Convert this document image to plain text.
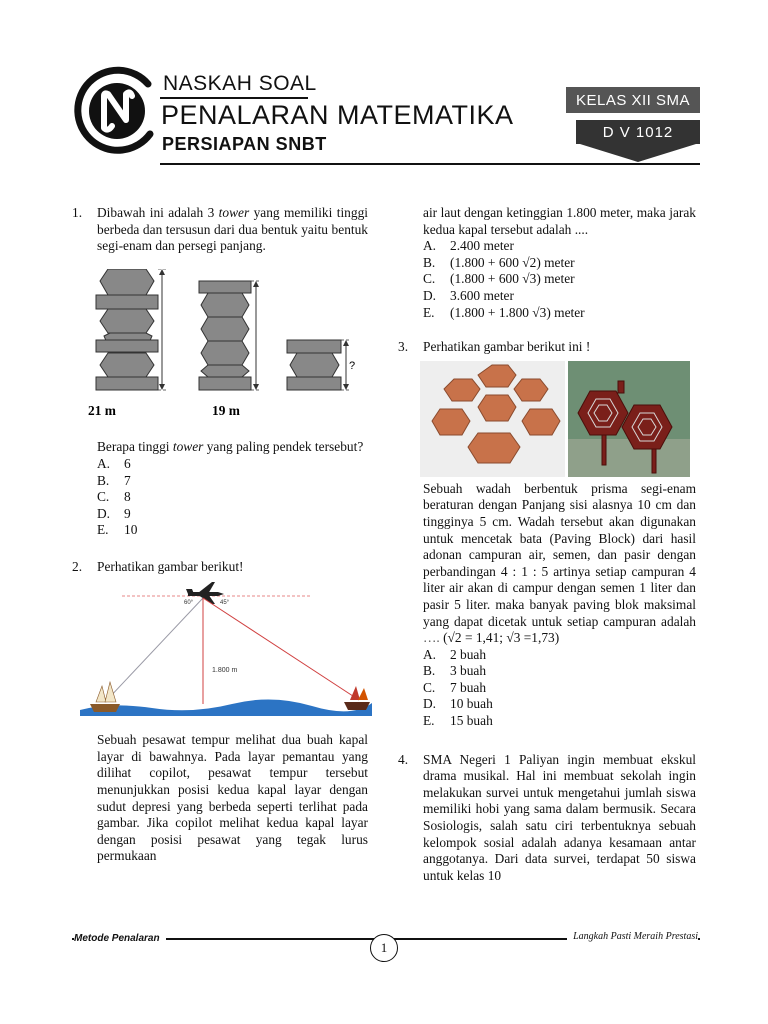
NASKAH SOAL
PENALARAN MATEMATIKA
PERSIAPAN SNBT
KELAS XII SMA
D V 1012
1. Dibawah ini adalah 3 tower yang memiliki tinggi berbeda dan tersusun dari dua bentuk yaitu bentuk segi-enam dan persegi panjang.

?
21 m	19 m

Berapa tinggi tower yang paling pendek tersebut?

A.	6
B.	7
C.	8
D.	9
E.	10
2. Perhatikan gambar berikut!

60°	45°
1.800 m

Sebuah pesawat tempur melihat dua buah kapal layar di bawahnya. Pada layar pemantau yang dilihat copilot, pesawat tempur tersebut menunjukkan posisi kedua kapal layar dengan sudut depresi yang berbeda seperti terlihat pada gambar. Jika copilot melihat kedua kapal layar dengan posisi pesawat yang tegak lurus permukaan

air laut dengan ketinggian 1.800 meter, maka jarak kedua kapal tersebut adalah ....

A.	2.400 meter
B.	(1.800 + 600 √2) meter
C.	(1.800 + 600 √3) meter
D.	3.600 meter
E.	(1.800 + 1.800 √3) meter
3. Perhatikan gambar berikut ini !

Sebuah wadah berbentuk prisma segi-enam beraturan dengan Panjang sisi alasnya 10 cm dan tingginya 5 cm. Wadah tersebut akan digunakan untuk mencetak bata (Paving Block) dari hasil adonan campuran air, semen, dan pasir dengan perbandingan 4 : 1 : 5 artinya setiap campuran 4 liter air akan di campur dengan semen 1 liter dan pasir 5 liter. maka banyak paving blok maksimal yang dapat dicetak untuk setiap campuran adalah …. (√2 = 1,41; √3 =1,73)

A.	2 buah
B.	3 buah
C.	7 buah
D.	10 buah
E.	15 buah
4. SMA Negeri 1 Paliyan ingin membuat ekskul drama musikal. Hal ini membuat sekolah ingin melakukan survei untuk mengetahui jumlah siswa memiliki hobi yang sama dalam bermusik. Secara Sosiologis, salah satu ciri terbentuknya sebuah kelompok sosial adalah adanya kesamaan antar anggotanya. Dari data survei, terdapat 50 siswa untuk kelas 10

Metode Penalaran	Langkah Pasti Meraih Prestasi
1
